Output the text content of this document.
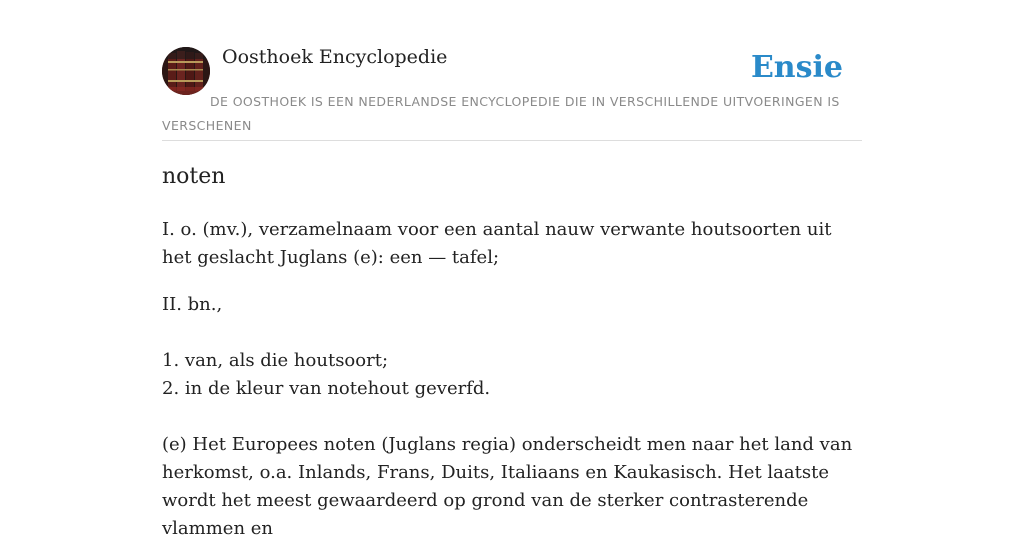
Oosthoek Encyclopedie	Ensie
DE OOSTHOEK IS EEN NEDERLANDSE ENCYCLOPEDIE DIE IN VERSCHILLENDE UITVOERINGEN IS VERSCHENEN
noten

I. o. (mv.), verzamelnaam voor een aantal nauw verwante houtsoorten uit het geslacht Juglans (e): een — tafel;

II. bn.,

1. van, als die houtsoort;

2. in de kleur van notehout geverfd.

(e) Het Europees noten (Juglans regia) onderscheidt men naar het land van herkomst, o.a. Inlands, Frans, Duits, Italiaans en Kaukasisch. Het laatste wordt het meest gewaardeerd op grond van de sterker contrasterende vlammen en
